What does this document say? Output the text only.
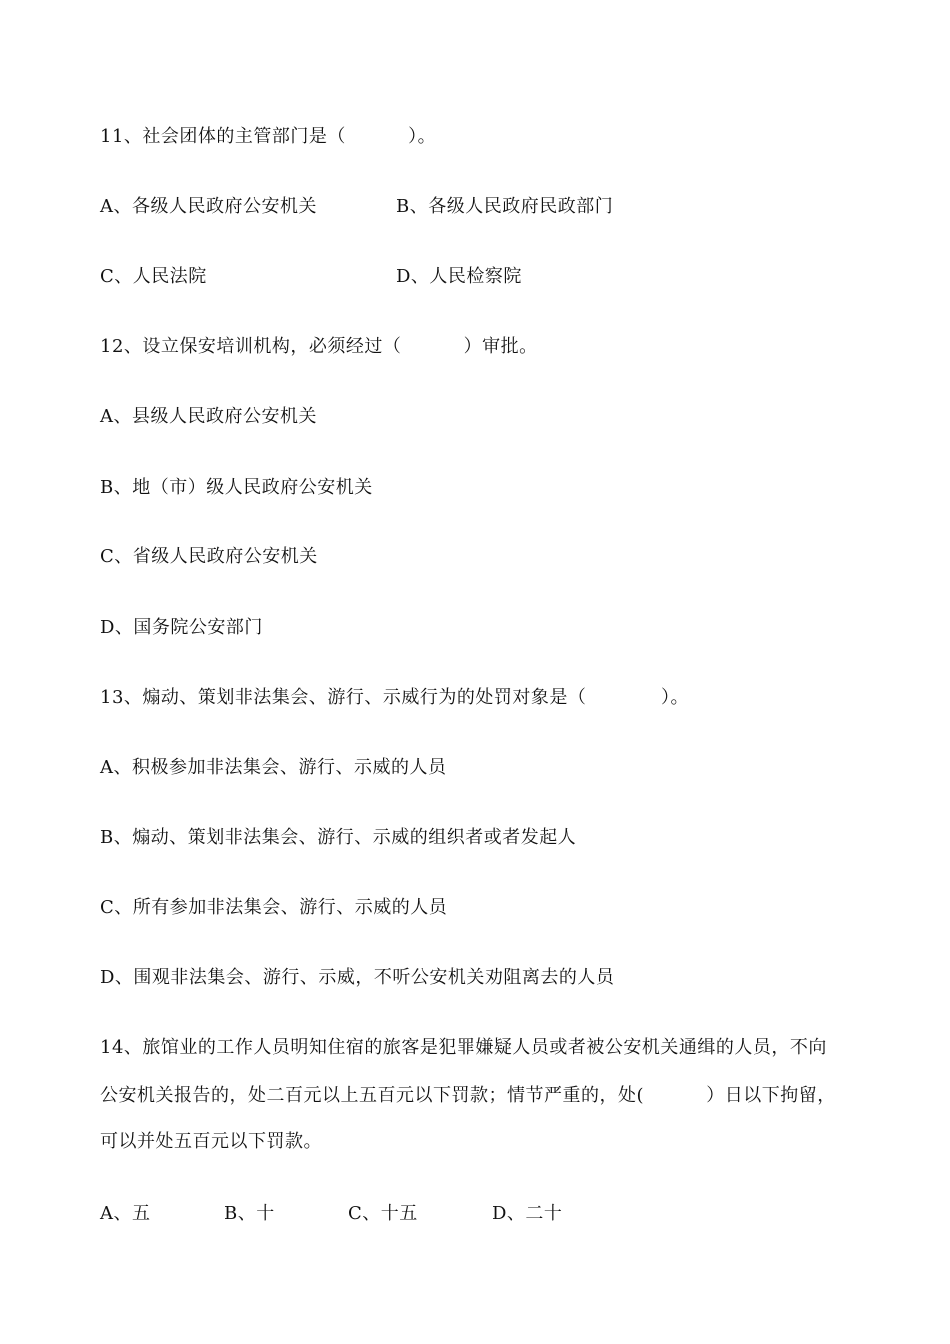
11、社会团体的主管部门是（          ）。
A、各级人民政府公安机关	B、各级人民政府民政部门
C、人民法院	D、人民检察院
12、设立保安培训机构，必须经过（          ）审批。
A、县级人民政府公安机关
B、地（市）级人民政府公安机关
C、省级人民政府公安机关
D、国务院公安部门
13、煽动、策划非法集会、游行、示威行为的处罚对象是（            ）。
A、积极参加非法集会、游行、示威的人员
B、煽动、策划非法集会、游行、示威的组织者或者发起人
C、所有参加非法集会、游行、示威的人员
D、围观非法集会、游行、示威，不听公安机关劝阻离去的人员
14、旅馆业的工作人员明知住宿的旅客是犯罪嫌疑人员或者被公安机关通缉的人员，不向
公安机关报告的，处二百元以上五百元以下罚款；情节严重的，处(          ）日以下拘留，
可以并处五百元以下罚款。
A、五	B、十	C、十五	D、二十
